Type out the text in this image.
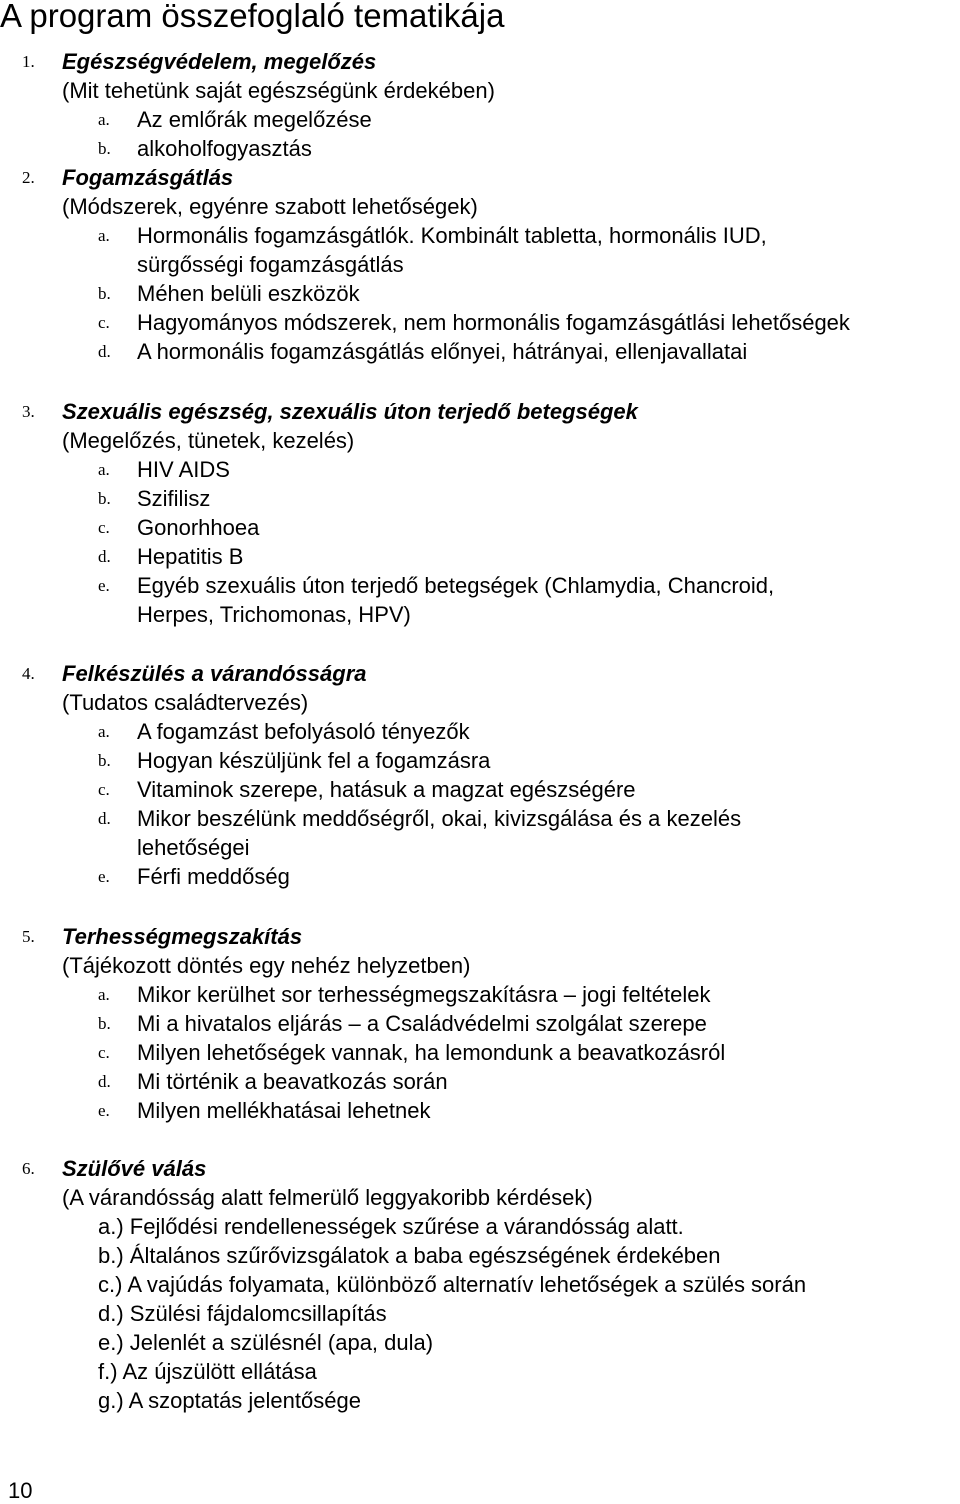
A program összefoglaló tematikája
1. Egészségvédelem, megelőzés
(Mit tehetünk saját egészségünk érdekében)
a. Az emlőrák megelőzése
b. alkoholfogyasztás
2. Fogamzásgátlás
(Módszerek, egyénre szabott lehetőségek)
a. Hormonális fogamzásgátlók. Kombinált tabletta, hormonális IUD,
sürgősségi fogamzásgátlás
b. Méhen belüli eszközök
c. Hagyományos módszerek, nem hormonális fogamzásgátlási lehetőségek
d. A hormonális fogamzásgátlás előnyei, hátrányai, ellenjavallatai
3. Szexuális egészség, szexuális úton terjedő betegségek
(Megelőzés, tünetek, kezelés)
a. HIV AIDS
b. Szifilisz
c. Gonorhhoea
d. Hepatitis B
e. Egyéb szexuális úton terjedő betegségek (Chlamydia, Chancroid,
Herpes, Trichomonas, HPV)
4. Felkészülés a várandósságra
(Tudatos családtervezés)
a. A fogamzást befolyásoló tényezők
b. Hogyan készüljünk fel a fogamzásra
c. Vitaminok szerepe, hatásuk a magzat egészségére
d. Mikor beszélünk meddőségről, okai, kivizsgálása és a kezelés
lehetőségei
e. Férfi meddőség
5. Terhességmegszakítás
(Tájékozott döntés egy nehéz helyzetben)
a. Mikor kerülhet sor terhességmegszakításra – jogi feltételek
b. Mi a hivatalos eljárás – a Családvédelmi szolgálat szerepe
c. Milyen lehetőségek vannak, ha lemondunk a beavatkozásról
d. Mi történik a beavatkozás során
e. Milyen mellékhatásai lehetnek
6. Szülővé válás
(A várandósság alatt felmerülő leggyakoribb kérdések)
a.) Fejlődési rendellenességek szűrése a várandósság alatt.
b.) Általános szűrővizsgálatok a baba egészségének érdekében
c.) A vajúdás folyamata, különböző alternatív lehetőségek a szülés során
d.) Szülési fájdalomcsillapítás
e.) Jelenlét a szülésnél (apa, dula)
f.) Az újszülött ellátása
g.) A szoptatás jelentősége
10
